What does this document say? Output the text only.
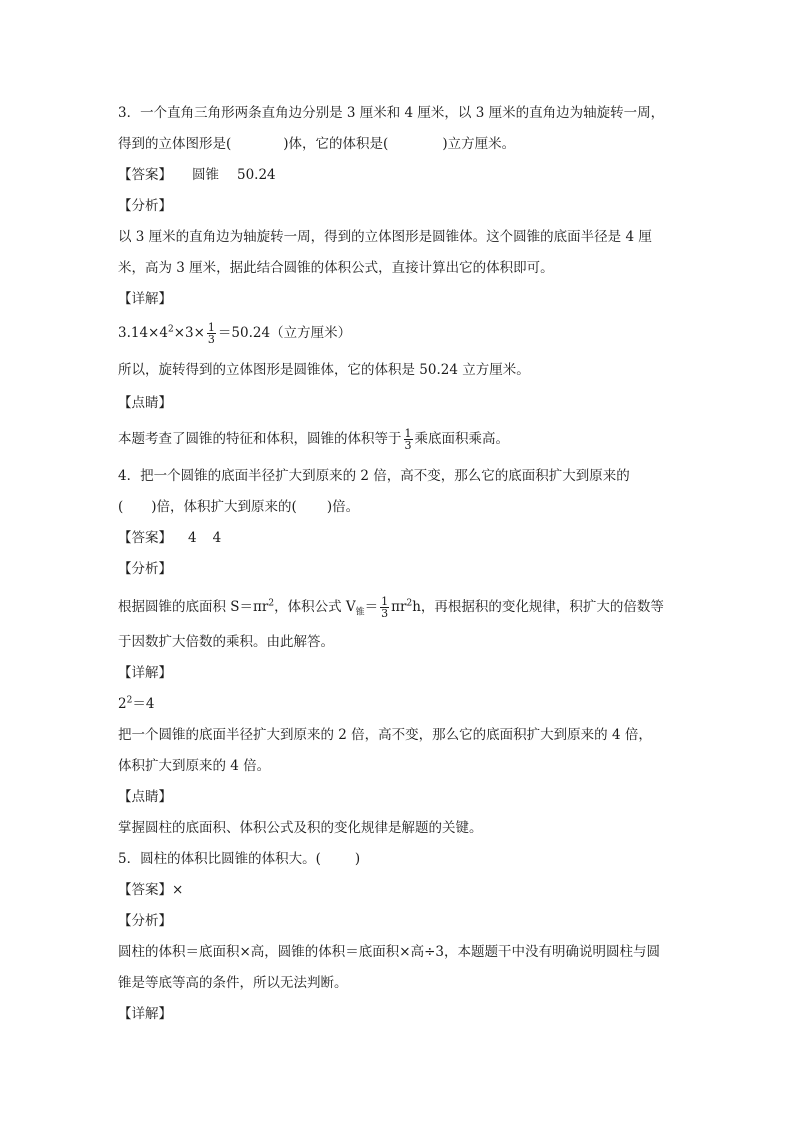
3．一个直角三角形两条直角边分别是 3 厘米和 4 厘米，以 3 厘米的直角边为轴旋转一周，
得到的立体图形是(	)体，它的体积是(	)立方厘米。
【答案】 圆锥 50.24
【分析】
以 3 厘米的直角边为轴旋转一周，得到的立体图形是圆锥体。这个圆锥的底面半径是 4 厘
米，高为 3 厘米，据此结合圆锥的体积公式，直接计算出它的体积即可。
【详解】
$3.14\times 4^2\times 3\times \frac{1}{3} =50.24$（立方厘米）
所以，旋转得到的立体图形是圆锥体，它的体积是 50.24 立方厘米。
【点睛】
本题考查了圆锥的特征和体积，圆锥的体积等于 $\frac{1}{3}$ 乘底面积乘高。
4．把一个圆锥的底面半径扩大到原来的 2 倍，高不变，那么它的底面积扩大到原来的
( )倍，体积扩大到原来的( )倍。
【答案】 4 4
【分析】
根据圆锥的底面积 $S=\pi r^2$，体积公式 $V_锥= \frac{1}{3} \pi r^2h$，再根据积的变化规律，积扩大的倍数等
于因数扩大倍数的乘积。由此解答。
【详解】
$2^2=4$
把一个圆锥的底面半径扩大到原来的 2 倍，高不变，那么它的底面积扩大到原来的 4 倍，
体积扩大到原来的 4 倍。
【点睛】
掌握圆柱的底面积、体积公式及积的变化规律是解题的关键。
5．圆柱的体积比圆锥的体积大。(	)
【答案】×
【分析】
圆柱的体积＝底面积×高，圆锥的体积＝底面积×高÷3，本题题干中没有明确说明圆柱与圆
锥是等底等高的条件，所以无法判断。
【详解】
